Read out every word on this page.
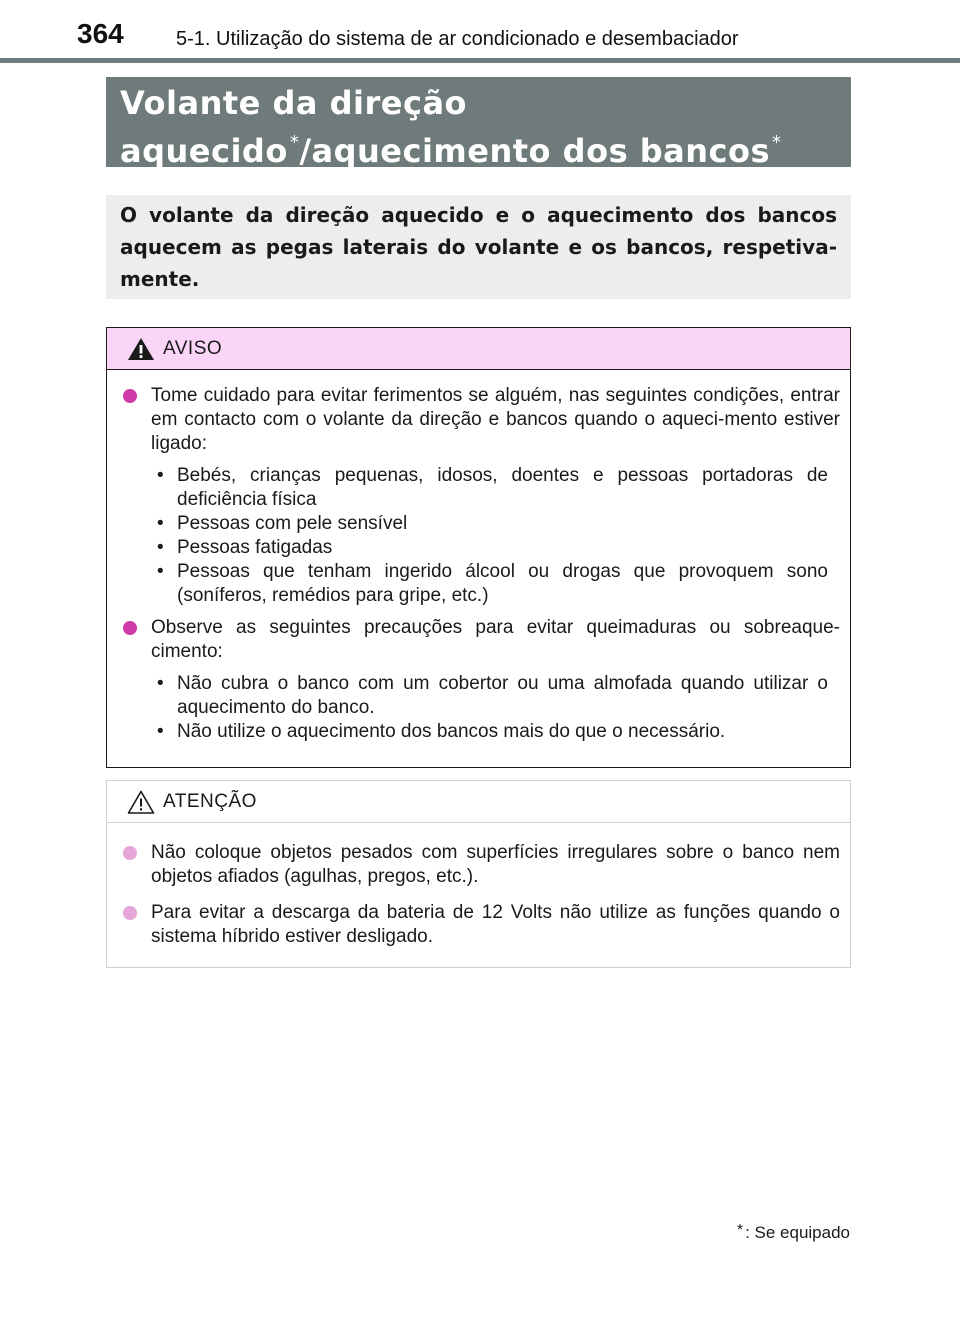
364	5-1. Utilização do sistema de ar condicionado e desembaciador
Volante da direção aquecido */aquecimento dos bancos *
O volante da direção aquecido e o aquecimento dos bancos aquecem as pegas laterais do volante e os bancos, respetiva-mente.
AVISO
Tome cuidado para evitar ferimentos se alguém, nas seguintes condições, entrar em contacto com o volante da direção e bancos quando o aqueci-mento estiver ligado:
• Bebés, crianças pequenas, idosos, doentes e pessoas portadoras de deficiência física
• Pessoas com pele sensível
• Pessoas fatigadas
• Pessoas que tenham ingerido álcool ou drogas que provoquem sono (soníferos, remédios para gripe, etc.)
Observe as seguintes precauções para evitar queimaduras ou sobreaque-cimento:
• Não cubra o banco com um cobertor ou uma almofada quando utilizar o aquecimento do banco.
• Não utilize o aquecimento dos bancos mais do que o necessário.
ATENÇÃO
Não coloque objetos pesados com superfícies irregulares sobre o banco nem objetos afiados (agulhas, pregos, etc.).
Para evitar a descarga da bateria de 12 Volts não utilize as funções quando o sistema híbrido estiver desligado.
* : Se equipado
